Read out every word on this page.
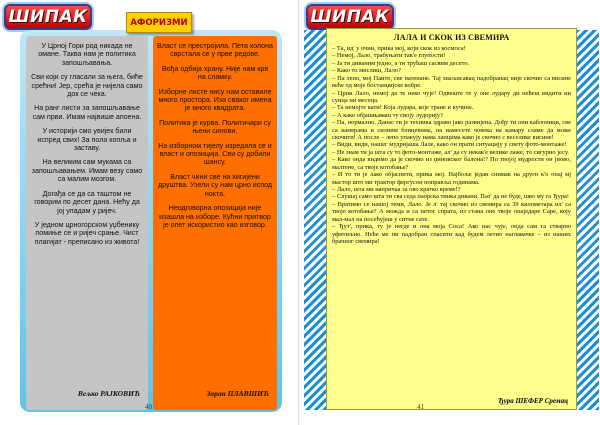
ШИПАК	АФОРИЗМИ

У Црној Гори род никада не омане. Таква нам је политика запошљавања.

Сви који су гласали за њега, биће срећни! Јер, срећа је нијела само док се чека.

На ранг листи за запошљавање сам први. Имам највише апоена.

У историји смо увијек били испред свих! За пола копља и заставу.

На великим сам мукама са запошљавањем. Имам везу само са малим мозгом.

Догађа се да са таштом не говорим по десет дана. Нећу да јој упадам у ријеч.

У једном црногорском уџбенику помиње се и ријеч срање. Чист плагијат - преписано из живота!

Вељко РАЈКОВИЋ

Власт се престројила. Пета колона сврстала се у прве редове.

Вођа одбија храну. Није нам крв на сламку.

Изборне листе нису нам оставиле много простора. Иза сваког имена је много квадрата.

Политика је курва. Политичари су њени синови.

На изборном тијелу изредала се и власт и опозиција. Сви су добили шансу.

Власт чини све на хигијени друштва. Узели су нам црно испод нокта.

Неодговорна опозиција није изашла на изборе. Кућни притвор је опет искористио као изговор.

Зоран ПЛАВШИЋ
40
ШИПАК
ЛАЛА И СКОК ИЗ СВЕМИРА

– Та, ид' у очин, прика мој, који скок из космоса!

– Немој, Лало, трабуњати так'е глупости!

– Ја ти диваним једно, а ти трућаш сасвим десето.

– Како то мислиш, Лало?

– Па лепо, мој Паито, све натенане. Тај хваљисавац падобранац није скочио са висине веће од моје бостанџијске кобре.

– Црни Лало, немој да те неко чује! Одвеште те у оне лудару ди нећеш видити ни сунца ни месеца.

– Та немојте кати! Која лудара, које тране и кучине.

– А како објашњаваш ту своју лудорију?

– Па, нормално. Данас ти је техника здраво јако развијена. Дођу ти они каблоници, све са камерама и силним блицевима, на намесете човека на камару сламе да може скочити! А после – лепо упакују нама лапцима како је скочио с веселике висине!

– Види, види, нашег мудријаша Лале, како он прати ситуацију у свету фото-монтаже!

– Не знам ти ја шта су то фото-монтаже, ал' да су некак'е велике лаже, то сигурно јесу.

– Како онда видимо да је скочио из џиновског балона!? По твојој мудрости он јиово, малтене, са твоје котобање?

– И то ти је лако објаснити, прика мој. Најбоље један снимак на другн к'о онај мј мастор што ми трактор фергусон поправља годинама.

– Лало, шта ми напричаа за ово кратко време!?

– Слушај само шта ти сва седа паорска тинка дивани. Паз' да не буде, шво му га Ђура!

– Вратимо се нашој теми, Лало. Је л' тај скочио из свемира са 39 километара ил' са твоје котобање? А можда и са петог спрата, из стана оне твоје опаједаре Саре, коју мал-мал на посећујеш у ситне сате.

– Ђут', прика, ту је негде и она моја Соса! Ако нас чује, онда сам га стварно уфитиљио. Неће ме ни падобран спасити кад будем летио наглавачке – из наших брачног свемира!

Ђура ШЕФЕР Сремац
41
